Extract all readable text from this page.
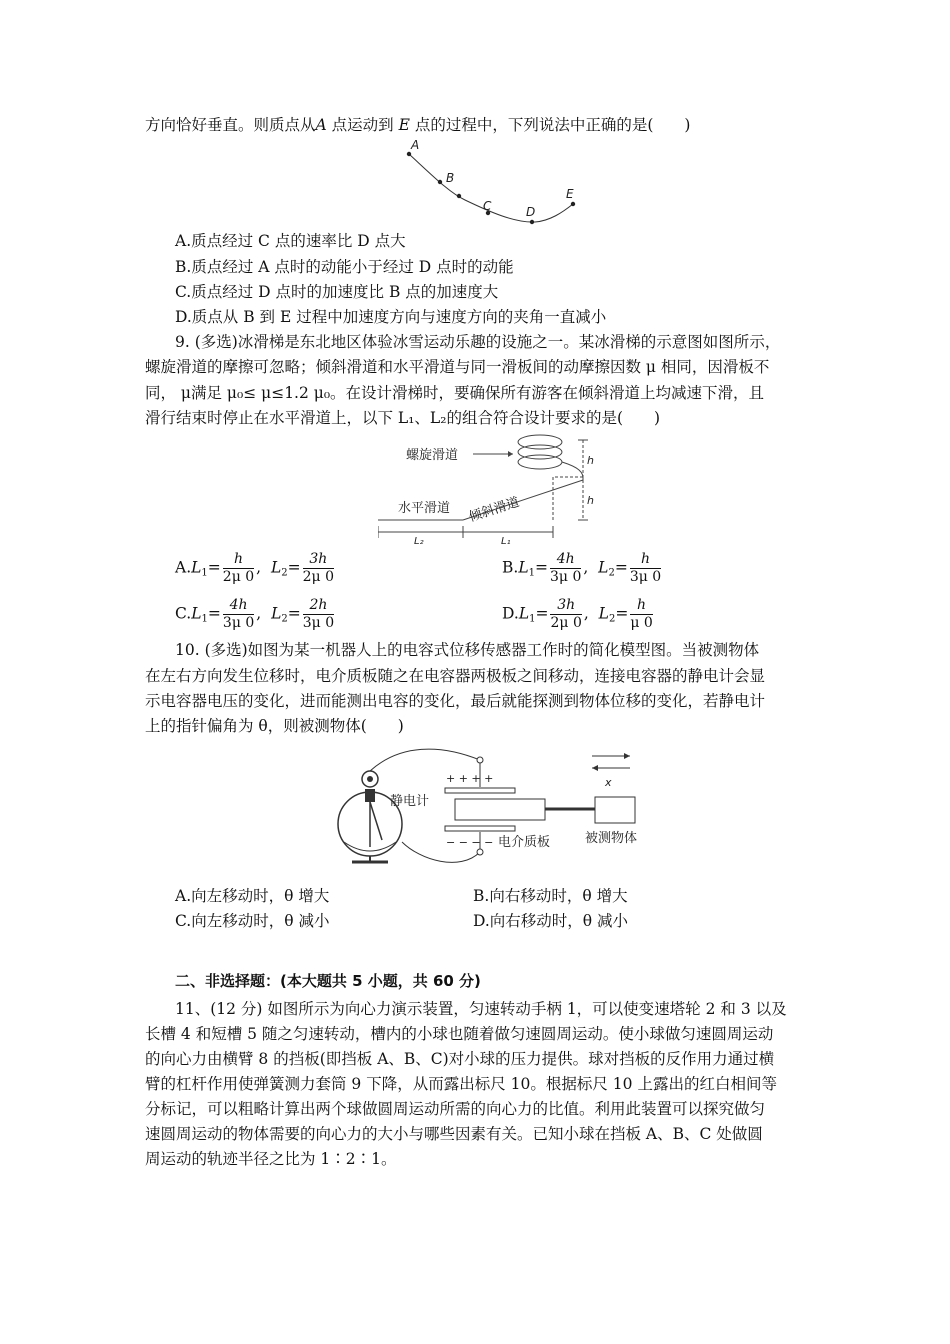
方向恰好垂直。则质点从A 点运动到 E 点的过程中，下列说法中正确的是(　　)
A
B
C	D
E
A.质点经过 C 点的速率比 D 点大
B.质点经过 A 点时的动能小于经过 D 点时的动能
C.质点经过 D 点时的加速度比 B 点的加速度大
D.质点从 B 到 E 过程中加速度方向与速度方向的夹角一直减小
9. (多选)冰滑梯是东北地区体验冰雪运动乐趣的设施之一。某冰滑梯的示意图如图所示，
螺旋滑道的摩擦可忽略；倾斜滑道和水平滑道与同一滑板间的动摩擦因数 μ 相同，因滑板不
同， μ满足 μ₀≤ μ≤1.2 μ₀。在设计滑梯时，要确保所有游客在倾斜滑道上均减速下滑，且
滑行结束时停止在水平滑道上，以下 L₁、L₂的组合符合设计要求的是(　　)
h
h
L₂	L₁
螺旋滑道
倾斜滑道
水平滑道
$A.L_1= \frac{h}{2\mu 0}$ ,  $L_2= \frac{3h}{2\mu 0}$	$B.L_1= \frac{4h}{3\mu 0}$ ,  $L_2= \frac{h}{3\mu 0}$
$C.L_1= \frac{4h}{3\mu 0}$ ,  $L_2= \frac{2h}{3\mu 0}$	$D.L_1= \frac{3h}{2\mu 0}$ ,  $L_2= \frac{h}{\mu 0}$
10. (多选)如图为某一机器人上的电容式位移传感器工作时的简化模型图。当被测物体
在左右方向发生位移时，电介质板随之在电容器两极板之间移动，连接电容器的静电计会显
示电容器电压的变化，进而能测出电容的变化，最后就能探测到物体位移的变化，若静电计
上的指针偏角为 θ，则被测物体(　　)
静电计
+ + + +
− − − − 电介质板	被测物体
x
A.向左移动时，θ 增大	B.向右移动时，θ 增大
C.向左移动时，θ 减小	D.向右移动时，θ 减小
二、非选择题：(本大题共 5 小题，共 60 分)
11、(12 分) 如图所示为向心力演示装置，匀速转动手柄 1，可以使变速塔轮 2 和 3 以及
长槽 4 和短槽 5 随之匀速转动，槽内的小球也随着做匀速圆周运动。使小球做匀速圆周运动
的向心力由横臂 8 的挡板(即挡板 A、B、C)对小球的压力提供。球对挡板的反作用力通过横
臂的杠杆作用使弹簧测力套筒 9 下降，从而露出标尺 10。根据标尺 10 上露出的红白相间等
分标记，可以粗略计算出两个球做圆周运动所需的向心力的比值。利用此装置可以探究做匀
速圆周运动的物体需要的向心力的大小与哪些因素有关。已知小球在挡板 A、B、C 处做圆
周运动的轨迹半径之比为 1∶2∶1。
